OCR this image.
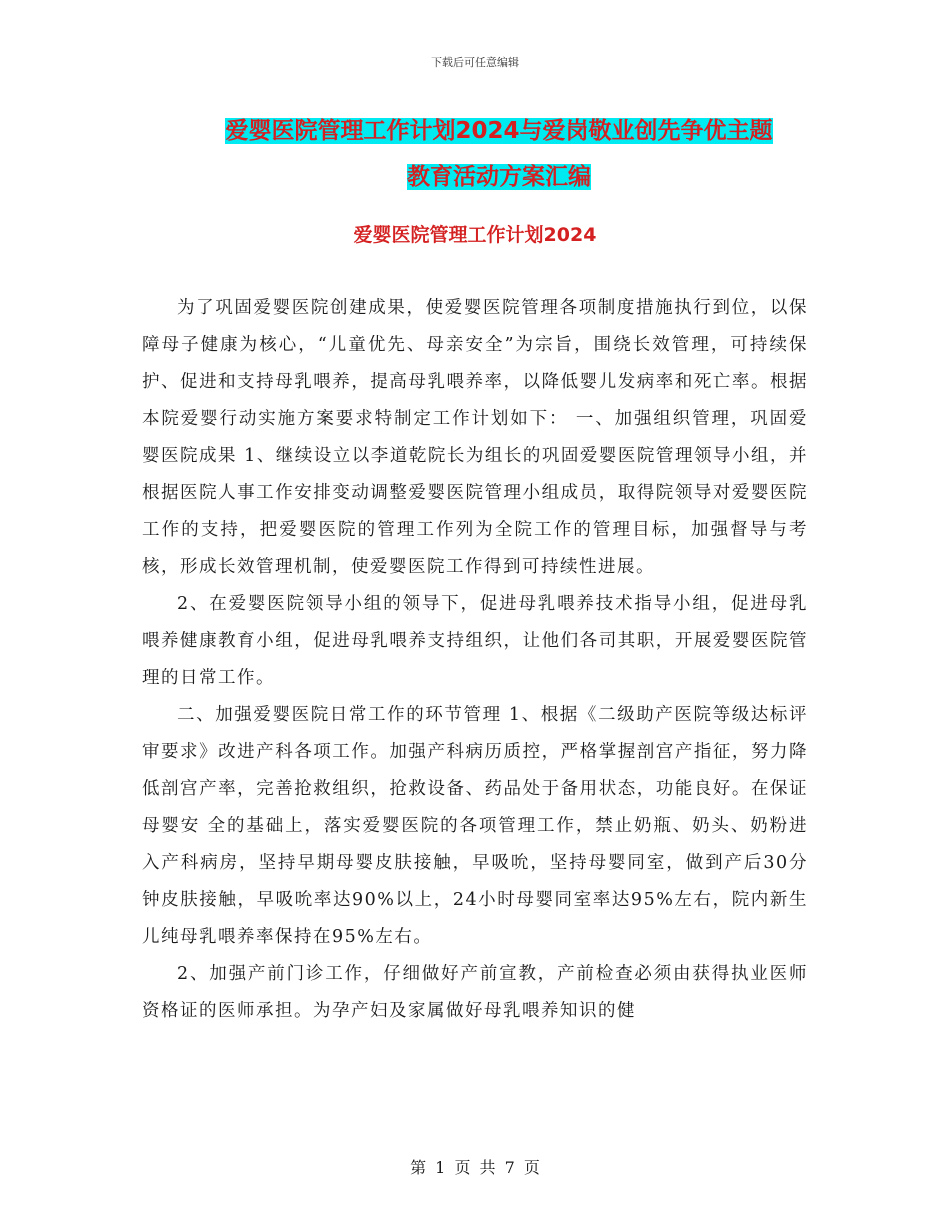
下载后可任意编辑
爱婴医院管理工作计划2024与爱岗敬业创先争优主题
教育活动方案汇编
爱婴医院管理工作计划2024

为了巩固爱婴医院创建成果，使爱婴医院管理各项制度措施执行到位，以保障母子健康为核心，“儿童优先、母亲安全”为宗旨，围绕长效管理，可持续保护、促进和支持母乳喂养，提高母乳喂养率，以降低婴儿发病率和死亡率。根据本院爱婴行动实施方案要求特制定工作计划如下： 一、加强组织管理，巩固爱婴医院成果 1、继续设立以李道乾院长为组长的巩固爱婴医院管理领导小组，并根据医院人事工作安排变动调整爱婴医院管理小组成员，取得院领导对爱婴医院工作的支持，把爱婴医院的管理工作列为全院工作的管理目标，加强督导与考核，形成长效管理机制，使爱婴医院工作得到可持续性进展。

2、在爱婴医院领导小组的领导下，促进母乳喂养技术指导小组，促进母乳喂养健康教育小组，促进母乳喂养支持组织，让他们各司其职，开展爱婴医院管理的日常工作。

二、加强爱婴医院日常工作的环节管理 1、根据《二级助产医院等级达标评审要求》改进产科各项工作。加强产科病历质控，严格掌握剖宫产指征，努力降低剖宫产率，完善抢救组织，抢救设备、药品处于备用状态，功能良好。在保证母婴安 全的基础上，落实爱婴医院的各项管理工作，禁止奶瓶、奶头、奶粉进入产科病房，坚持早期母婴皮肤接触，早吸吮，坚持母婴同室，做到产后30分钟皮肤接触，早吸吮率达90%以上，24小时母婴同室率达95%左右，院内新生儿纯母乳喂养率保持在95%左右。

2、加强产前门诊工作，仔细做好产前宣教，产前检查必须由获得执业医师资格证的医师承担。为孕产妇及家属做好母乳喂养知识的健

第 1 页 共 7 页
